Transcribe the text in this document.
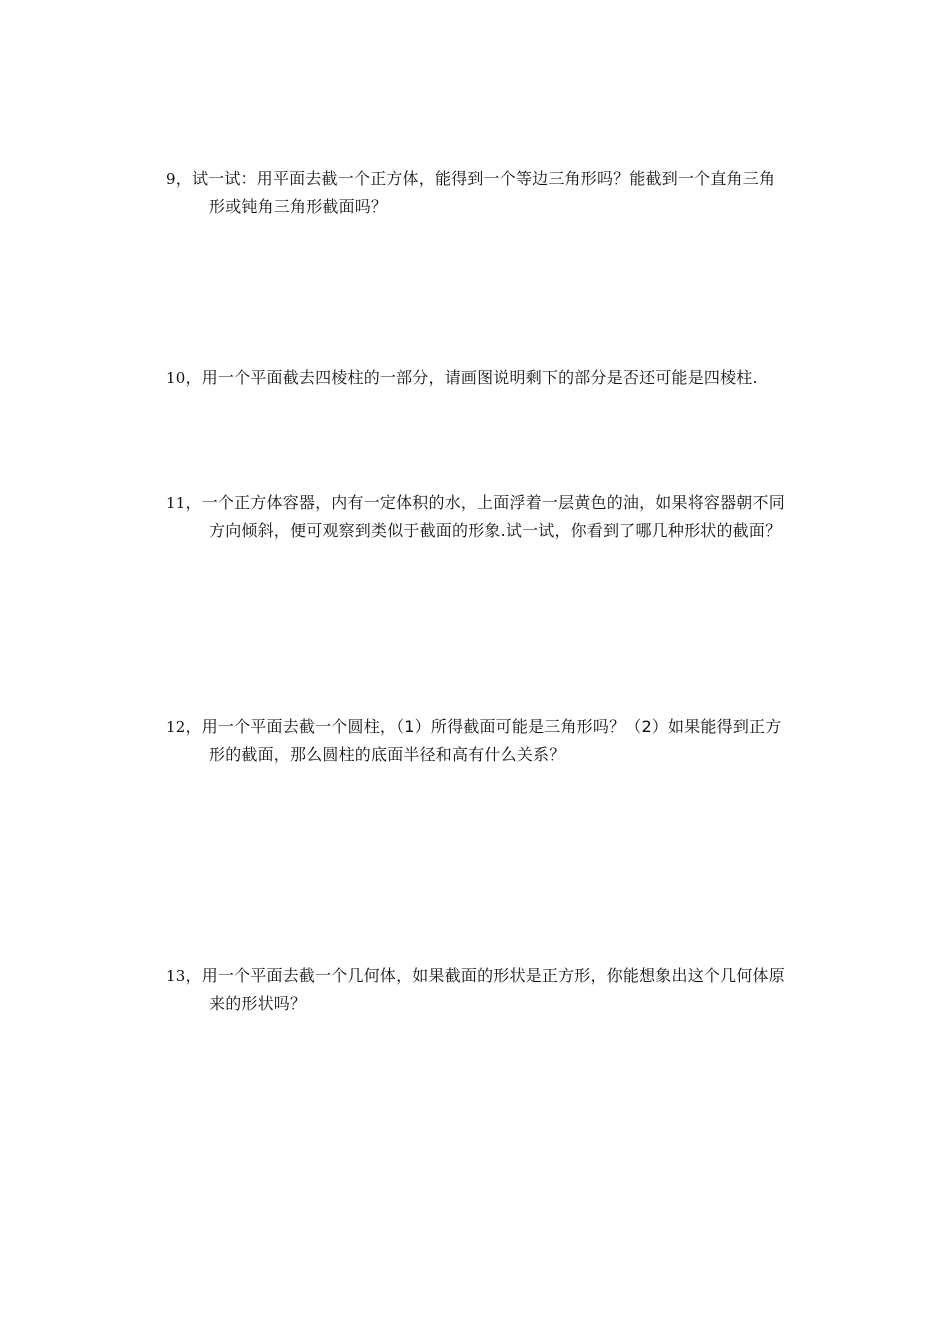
9，试一试：用平面去截一个正方体，能得到一个等边三角形吗？能截到一个直角三角
形或钝角三角形截面吗？
10，用一个平面截去四棱柱的一部分，请画图说明剩下的部分是否还可能是四棱柱.
11，一个正方体容器，内有一定体积的水，上面浮着一层黄色的油，如果将容器朝不同
方向倾斜，便可观察到类似于截面的形象.试一试，你看到了哪几种形状的截面？
12，用一个平面去截一个圆柱，（1）所得截面可能是三角形吗？（2）如果能得到正方
形的截面，那么圆柱的底面半径和高有什么关系？
13，用一个平面去截一个几何体，如果截面的形状是正方形，你能想象出这个几何体原
来的形状吗？
